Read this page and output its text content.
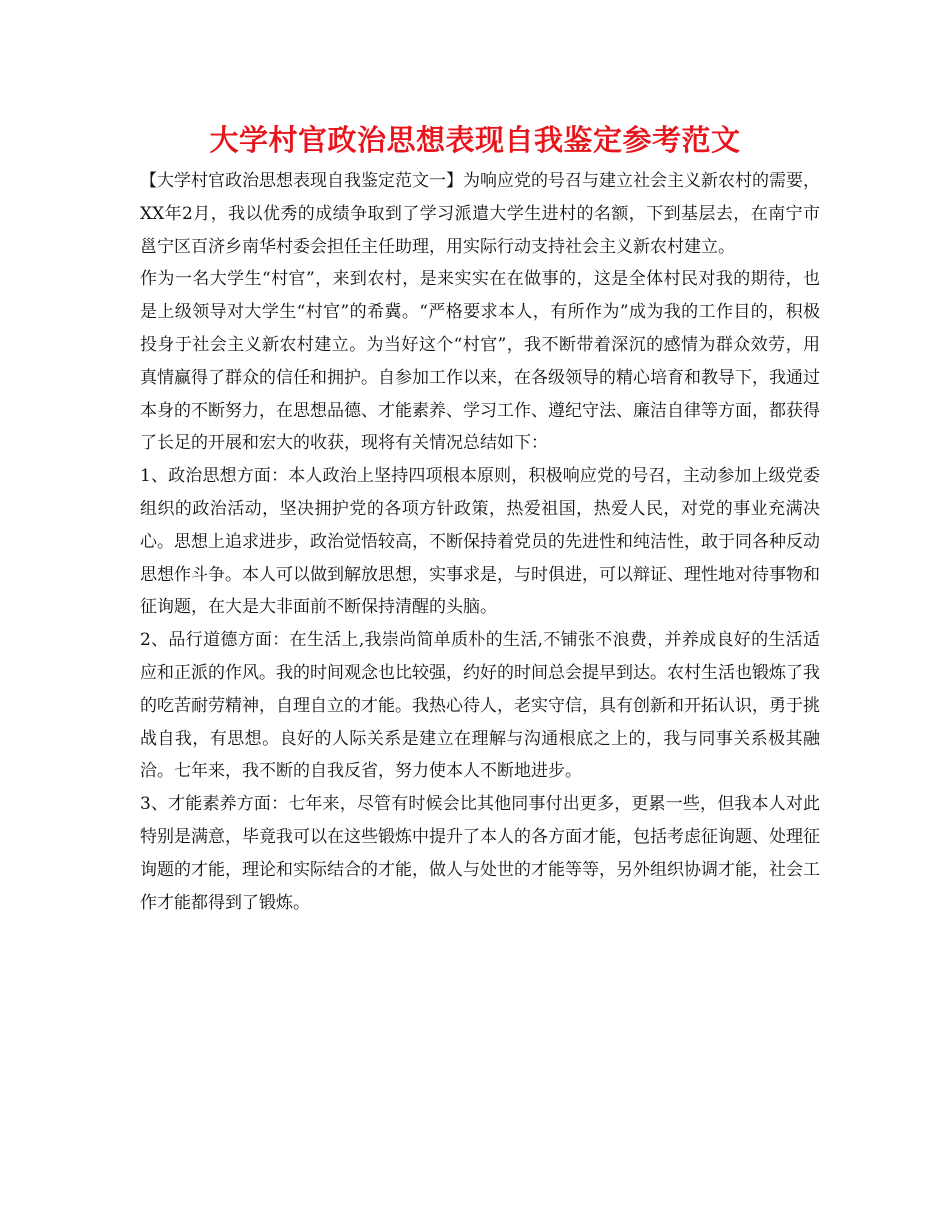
大学村官政治思想表现自我鉴定参考范文

【大学村官政治思想表现自我鉴定范文一】为响应党的号召与建立社会主义新农村的需要，XX年2月，我以优秀的成绩争取到了学习派遣大学生进村的名额，下到基层去，在南宁市邕宁区百济乡南华村委会担任主任助理，用实际行动支持社会主义新农村建立。

作为一名大学生“村官”，来到农村，是来实实在在做事的，这是全体村民对我的期待，也是上级领导对大学生“村官”的希冀。“严格要求本人，有所作为”成为我的工作目的，积极投身于社会主义新农村建立。为当好这个“村官”，我不断带着深沉的感情为群众效劳，用真情赢得了群众的信任和拥护。自参加工作以来，在各级领导的精心培育和教导下，我通过本身的不断努力，在思想品德、才能素养、学习工作、遵纪守法、廉洁自律等方面，都获得了长足的开展和宏大的收获，现将有关情况总结如下：

1、政治思想方面：本人政治上坚持四项根本原则，积极响应党的号召，主动参加上级党委组织的政治活动，坚决拥护党的各项方针政策，热爱祖国，热爱人民，对党的事业充满决心。思想上追求进步，政治觉悟较高，不断保持着党员的先进性和纯洁性，敢于同各种反动思想作斗争。本人可以做到解放思想，实事求是，与时俱进，可以辩证、理性地对待事物和征询题，在大是大非面前不断保持清醒的头脑。

2、品行道德方面：在生活上,我崇尚简单质朴的生活,不铺张不浪费，并养成良好的生活适应和正派的作风。我的时间观念也比较强，约好的时间总会提早到达。农村生活也锻炼了我的吃苦耐劳精神，自理自立的才能。我热心待人，老实守信，具有创新和开拓认识，勇于挑战自我，有思想。良好的人际关系是建立在理解与沟通根底之上的，我与同事关系极其融洽。七年来，我不断的自我反省，努力使本人不断地进步。

3、才能素养方面：七年来，尽管有时候会比其他同事付出更多，更累一些，但我本人对此特别是满意，毕竟我可以在这些锻炼中提升了本人的各方面才能，包括考虑征询题、处理征询题的才能，理论和实际结合的才能，做人与处世的才能等等，另外组织协调才能，社会工作才能都得到了锻炼。
